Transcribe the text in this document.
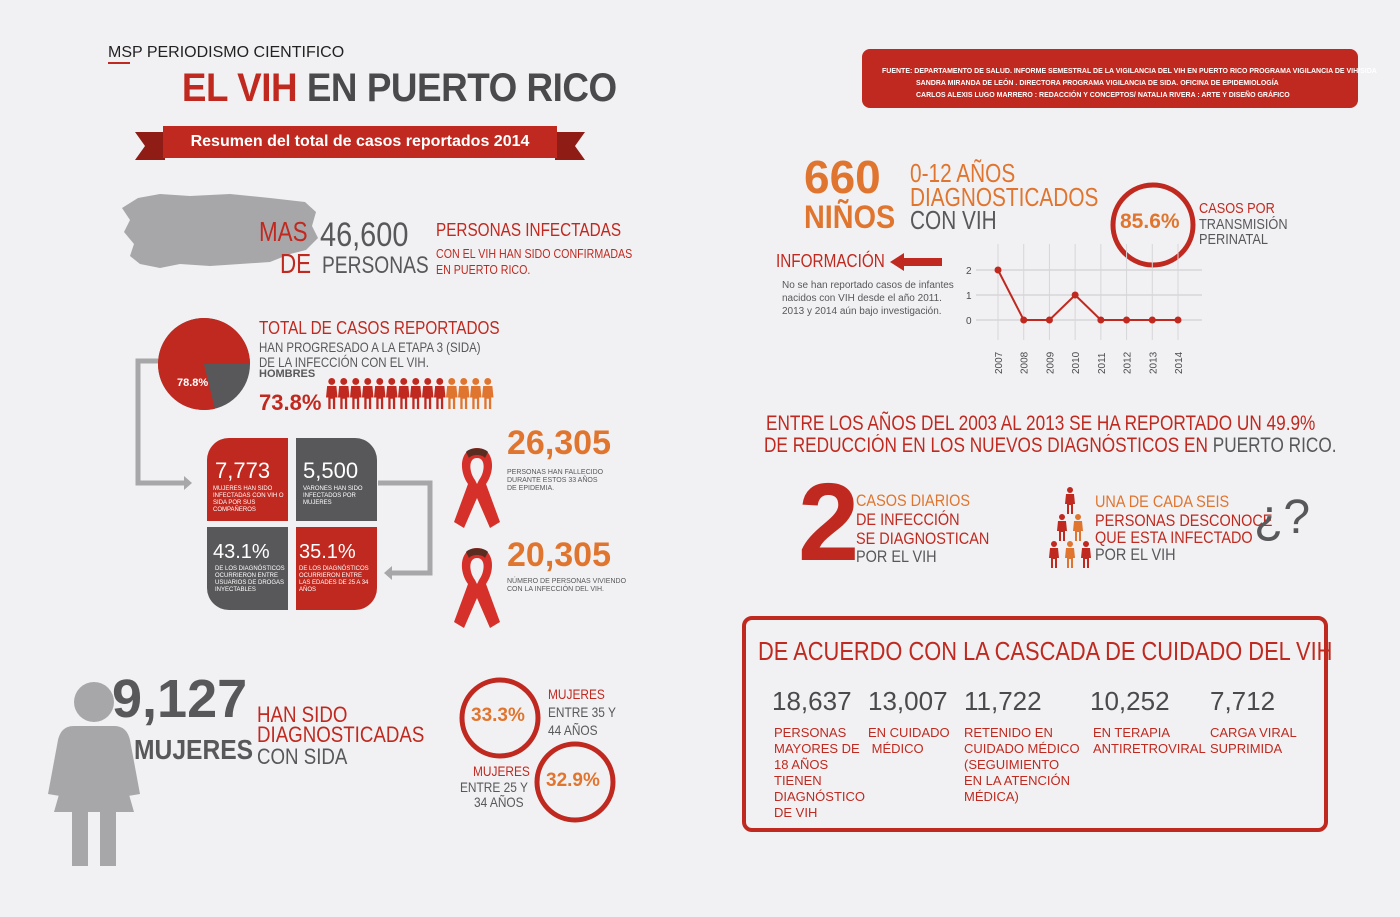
MSP PERIODISMO CIENTIFICO
EL VIH EN PUERTO RICO
Resumen del total de casos reportados 2014
FUENTE: DEPARTAMENTO DE SALUD. INFORME SEMESTRAL DE LA VIGILANCIA DEL VIH EN PUERTO RICO PROGRAMA VIGILANCIA DE VIH/SIDA
SANDRA MIRANDA DE LEÓN . DIRECTORA PROGRAMA VIGILANCIA DE SIDA. OFICINA DE EPIDEMIOLOGÍA
CARLOS ALEXIS LUGO MARRERO : REDACCIÓN Y CONCEPTOS/ NATALIA RIVERA : ARTE Y DISEÑO GRÁFICO
MAS
DE
46,600
PERSONAS
PERSONAS INFECTADAS
CON EL VIH HAN SIDO CONFIRMADAS
EN PUERTO RICO.
78.8%
TOTAL DE CASOS REPORTADOS
HAN PROGRESADO A LA ETAPA 3 (SIDA)
DE LA INFECCIÓN CON EL VIH.
HOMBRES
73.8%
7,773
MUJERES HAN SIDO INFECTADAS CON VIH O SIDA POR SUS COMPAÑEROS
5,500
VARONES HAN SIDO INFECTADOS POR MUJERES
43.1%
DE LOS DIAGNÓSTICOS OCURRIERON ENTRE USUARIOS DE DROGAS INYECTABLES
35.1%
DE LOS DIAGNÓSTICOS OCURRIERON ENTRE LAS EDADES DE 25 A 34 AÑOS
26,305
PERSONAS HAN FALLECIDO DURANTE ESTOS 33 AÑOS DE EPIDEMIA.
20,305
NÚMERO DE PERSONAS VIVIENDO CON LA INFECCIÓN DEL VIH.
9,127
MUJERES
HAN SIDO
DIAGNOSTICADAS
CON SIDA
33.3%
MUJERES
ENTRE 35 Y
44 AÑOS
32.9%
MUJERES
ENTRE 25 Y
34 AÑOS
660
NIÑOS
0-12 AÑOS
DIAGNOSTICADOS
CON VIH	85.6%
CASOS POR
TRANSMISIÓN
PERINATAL
INFORMACIÓN
No se han reportado casos de infantes
nacidos con VIH desde el año 2011.
2013 y 2014 aún bajo investigación.
0
1
2
2007 2008 2009 2010 2011 2012 2013 2014
ENTRE LOS AÑOS DEL 2003 AL 2013 SE HA REPORTADO UN 49.9%
DE REDUCCIÓN EN LOS NUEVOS DIAGNÓSTICOS EN PUERTO RICO.
2
CASOS DIARIOS
DE INFECCIÓN
SE DIAGNOSTICAN
POR EL VIH
UNA DE CADA SEIS
PERSONAS DESCONOCE
QUE ESTA INFECTADO
POR EL VIH
¿?
DE ACUERDO CON LA CASCADA DE CUIDADO DEL VIH
18,637
PERSONAS
MAYORES DE
18 AÑOS
TIENEN
DIAGNÓSTICO
DE VIH
13,007
EN CUIDADO
MÉDICO
11,722
RETENIDO EN
CUIDADO MÉDICO
(SEGUIMIENTO
EN LA ATENCIÓN
MÉDICA)
10,252
EN TERAPIA
ANTIRETROVIRAL
7,712
CARGA VIRAL
SUPRIMIDA
